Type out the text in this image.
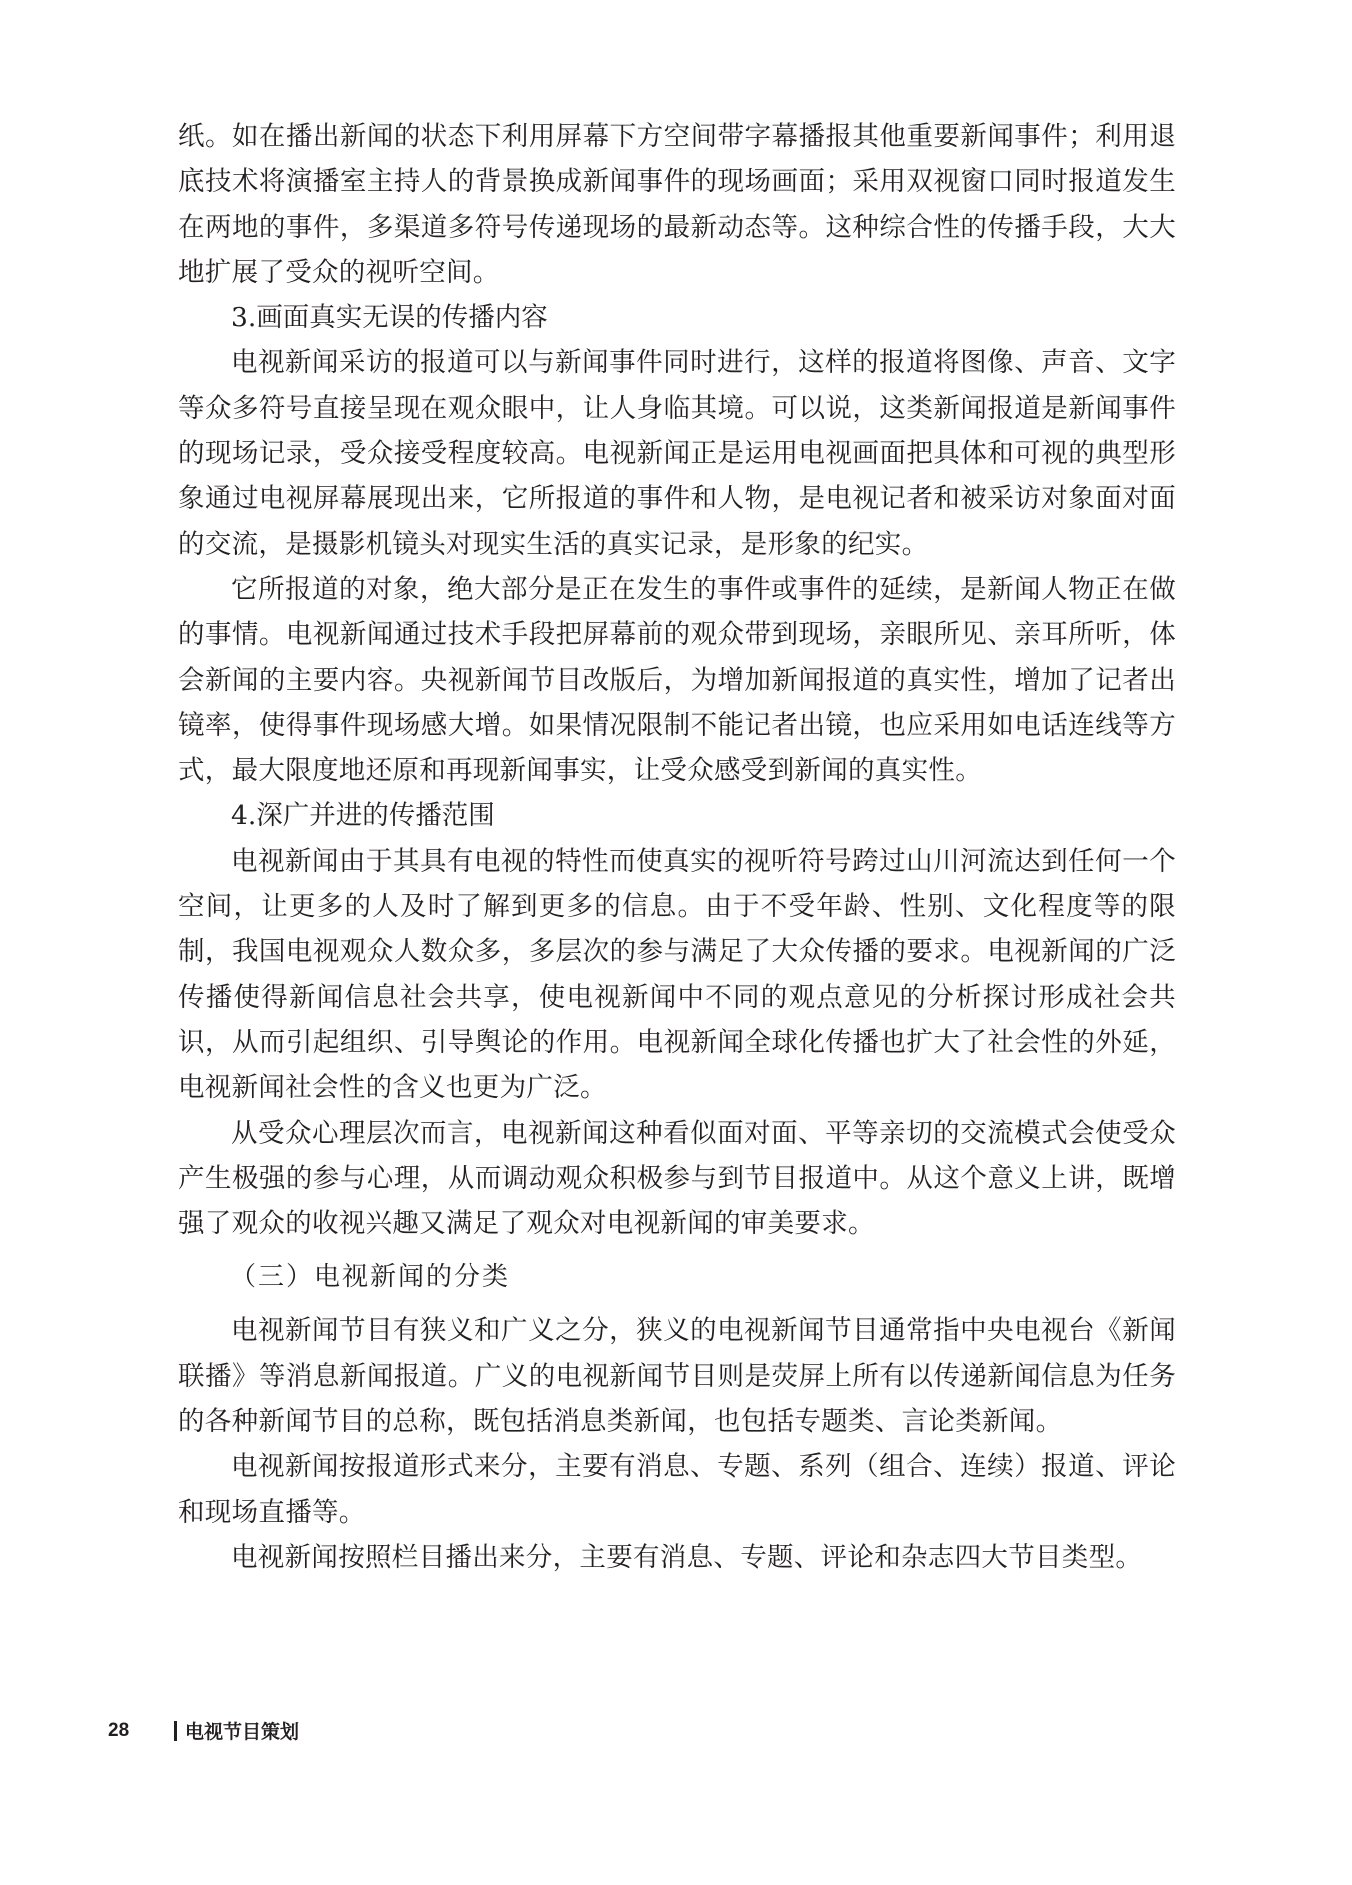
纸。如在播出新闻的状态下利用屏幕下方空间带字幕播报其他重要新闻事件；利用退底技术将演播室主持人的背景换成新闻事件的现场画面；采用双视窗口同时报道发生在两地的事件，多渠道多符号传递现场的最新动态等。这种综合性的传播手段，大大地扩展了受众的视听空间。

3.画面真实无误的传播内容

电视新闻采访的报道可以与新闻事件同时进行，这样的报道将图像、声音、文字等众多符号直接呈现在观众眼中，让人身临其境。可以说，这类新闻报道是新闻事件的现场记录，受众接受程度较高。电视新闻正是运用电视画面把具体和可视的典型形象通过电视屏幕展现出来，它所报道的事件和人物，是电视记者和被采访对象面对面的交流，是摄影机镜头对现实生活的真实记录，是形象的纪实。

它所报道的对象，绝大部分是正在发生的事件或事件的延续，是新闻人物正在做的事情。电视新闻通过技术手段把屏幕前的观众带到现场，亲眼所见、亲耳所听，体会新闻的主要内容。央视新闻节目改版后，为增加新闻报道的真实性，增加了记者出镜率，使得事件现场感大增。如果情况限制不能记者出镜，也应采用如电话连线等方式，最大限度地还原和再现新闻事实，让受众感受到新闻的真实性。

4.深广并进的传播范围

电视新闻由于其具有电视的特性而使真实的视听符号跨过山川河流达到任何一个空间，让更多的人及时了解到更多的信息。由于不受年龄、性别、文化程度等的限制，我国电视观众人数众多，多层次的参与满足了大众传播的要求。电视新闻的广泛传播使得新闻信息社会共享，使电视新闻中不同的观点意见的分析探讨形成社会共识，从而引起组织、引导舆论的作用。电视新闻全球化传播也扩大了社会性的外延，电视新闻社会性的含义也更为广泛。

从受众心理层次而言，电视新闻这种看似面对面、平等亲切的交流模式会使受众产生极强的参与心理，从而调动观众积极参与到节目报道中。从这个意义上讲，既增强了观众的收视兴趣又满足了观众对电视新闻的审美要求。

（三）电视新闻的分类

电视新闻节目有狭义和广义之分，狭义的电视新闻节目通常指中央电视台《新闻联播》等消息新闻报道。广义的电视新闻节目则是荧屏上所有以传递新闻信息为任务的各种新闻节目的总称，既包括消息类新闻，也包括专题类、言论类新闻。

电视新闻按报道形式来分，主要有消息、专题、系列（组合、连续）报道、评论和现场直播等。

电视新闻按照栏目播出来分，主要有消息、专题、评论和杂志四大节目类型。

28	电视节目策划
